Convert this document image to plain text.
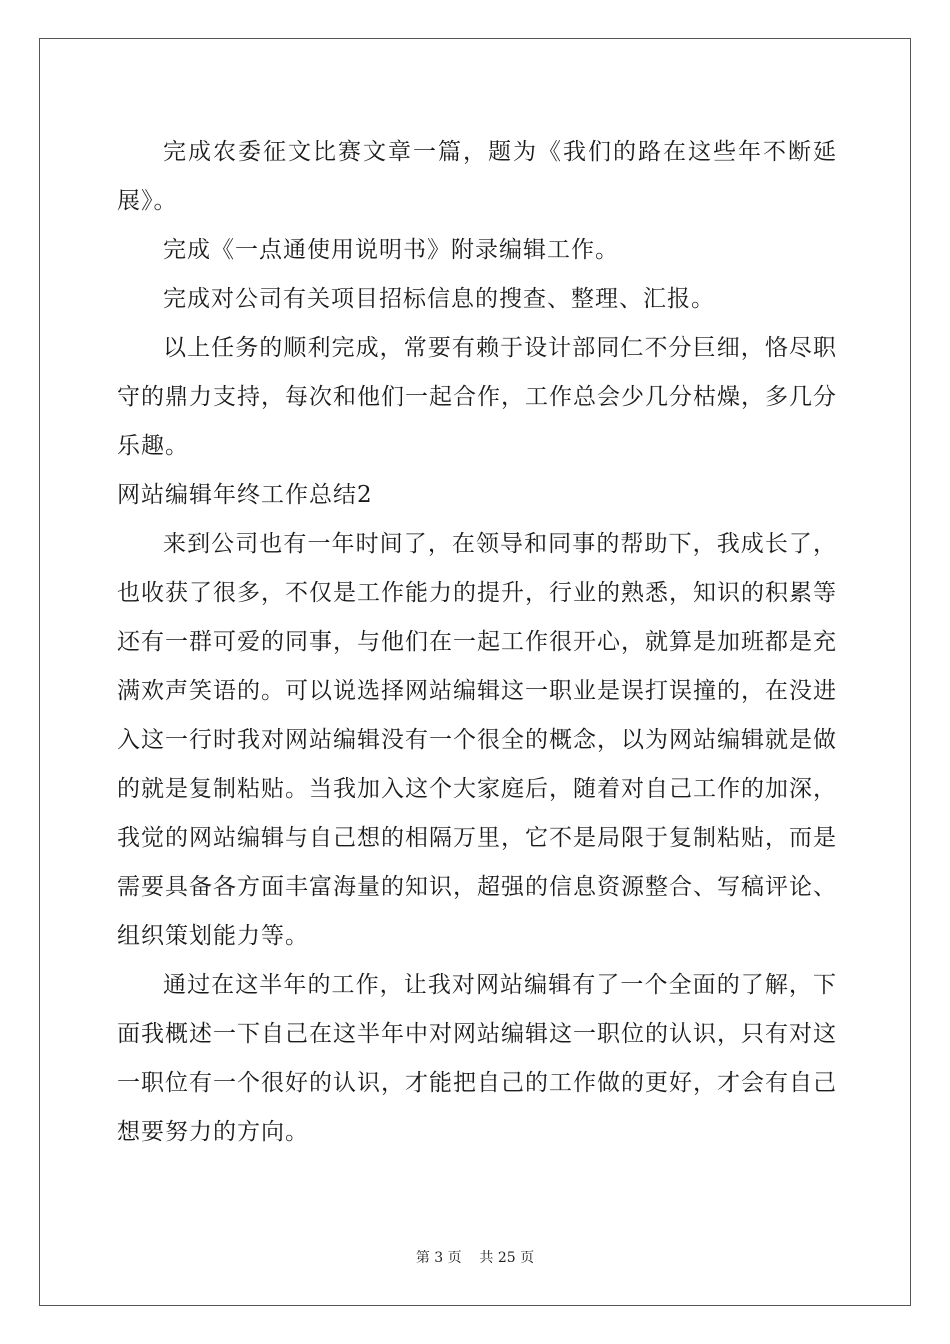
完成农委征文比赛文章一篇，题为《我们的路在这些年不断延展》。

完成《一点通使用说明书》附录编辑工作。

完成对公司有关项目招标信息的搜查、整理、汇报。

以上任务的顺利完成，常要有赖于设计部同仁不分巨细，恪尽职守的鼎力支持，每次和他们一起合作，工作总会少几分枯燥，多几分乐趣。

网站编辑年终工作总结2

来到公司也有一年时间了，在领导和同事的帮助下，我成长了，也收获了很多，不仅是工作能力的提升，行业的熟悉，知识的积累等还有一群可爱的同事，与他们在一起工作很开心，就算是加班都是充满欢声笑语的。可以说选择网站编辑这一职业是误打误撞的，在没进入这一行时我对网站编辑没有一个很全的概念，以为网站编辑就是做的就是复制粘贴。当我加入这个大家庭后，随着对自己工作的加深，我觉的网站编辑与自己想的相隔万里，它不是局限于复制粘贴，而是需要具备各方面丰富海量的知识，超强的信息资源整合、写稿评论、组织策划能力等。

通过在这半年的工作，让我对网站编辑有了一个全面的了解，下面我概述一下自己在这半年中对网站编辑这一职位的认识，只有对这一职位有一个很好的认识，才能把自己的工作做的更好，才会有自己想要努力的方向。

第 3 页    共 25 页
